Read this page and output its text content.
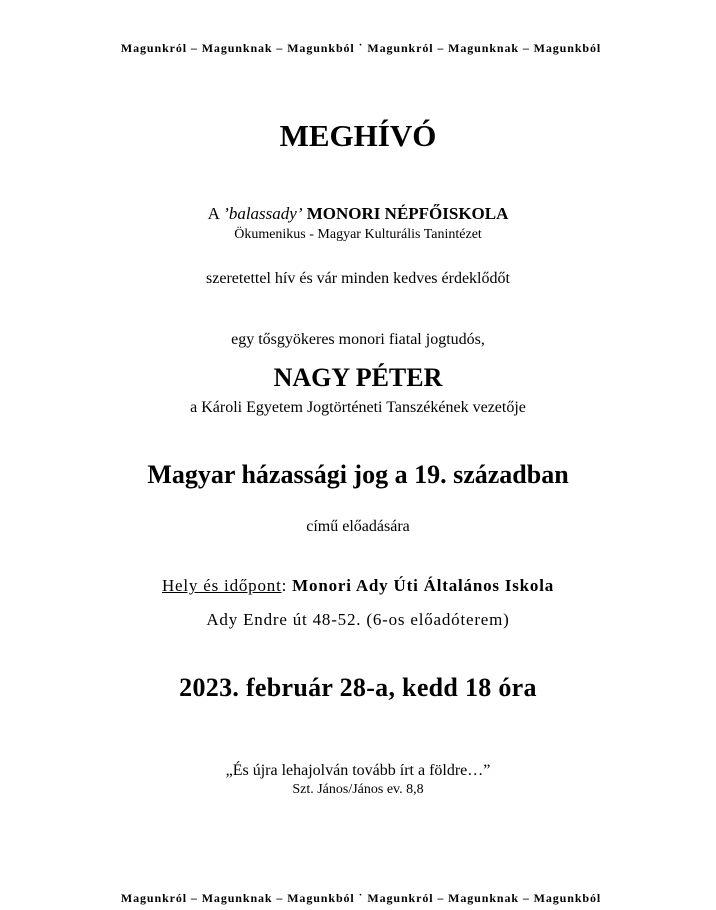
Magunkról – Magunknak – Magunkból ˙ Magunkról – Magunknak – Magunkból
MEGHÍVÓ
A ’balassady’ MONORI NÉPFŐISKOLA
Ökumenikus - Magyar Kulturális Tanintézet
szeretettel hív és vár minden kedves érdeklődőt
egy tősgyökeres monori fiatal jogtudós,
NAGY PÉTER
a Károli Egyetem Jogtörténeti Tanszékének vezetője
Magyar házassági jog a 19. században
című előadására
Hely és időpont: Monori Ady Úti Általános Iskola
Ady Endre út 48-52. (6-os előadóterem)
2023. február 28-a, kedd 18 óra
„És újra lehajolván tovább írt a földre…”
Szt. János/János ev. 8,8
Magunkról – Magunknak – Magunkból ˙ Magunkról – Magunknak – Magunkból
